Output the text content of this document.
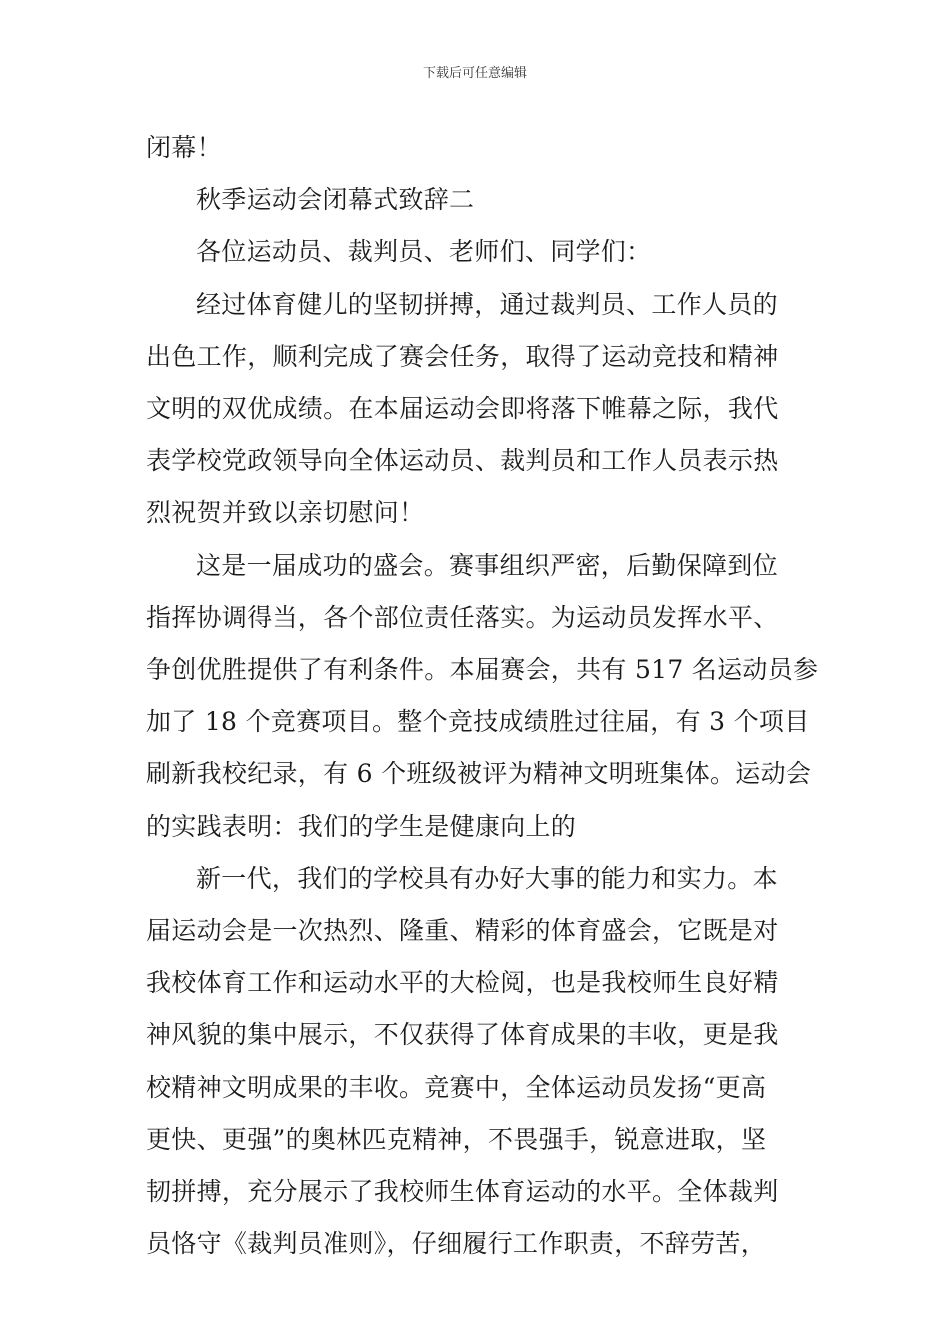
下载后可任意编辑
闭幕！
秋季运动会闭幕式致辞二
各位运动员、裁判员、老师们、同学们：
经过体育健儿的坚韧拼搏，通过裁判员、工作人员的
出色工作，顺利完成了赛会任务，取得了运动竞技和精神
文明的双优成绩。在本届运动会即将落下帷幕之际，我代
表学校党政领导向全体运动员、裁判员和工作人员表示热
烈祝贺并致以亲切慰问！
这是一届成功的盛会。赛事组织严密，后勤保障到位
指挥协调得当，各个部位责任落实。为运动员发挥水平、
争创优胜提供了有利条件。本届赛会，共有 517 名运动员参
加了 18 个竞赛项目。整个竞技成绩胜过往届，有 3 个项目
刷新我校纪录，有 6 个班级被评为精神文明班集体。运动会
的实践表明：我们的学生是健康向上的
新一代，我们的学校具有办好大事的能力和实力。本
届运动会是一次热烈、隆重、精彩的体育盛会，它既是对
我校体育工作和运动水平的大检阅，也是我校师生良好精
神风貌的集中展示，不仅获得了体育成果的丰收，更是我
校精神文明成果的丰收。竞赛中，全体运动员发扬“更高
更快、更强”的奥林匹克精神，不畏强手，锐意进取，坚
韧拼搏，充分展示了我校师生体育运动的水平。全体裁判
员恪守《裁判员准则》，仔细履行工作职责，不辞劳苦，
